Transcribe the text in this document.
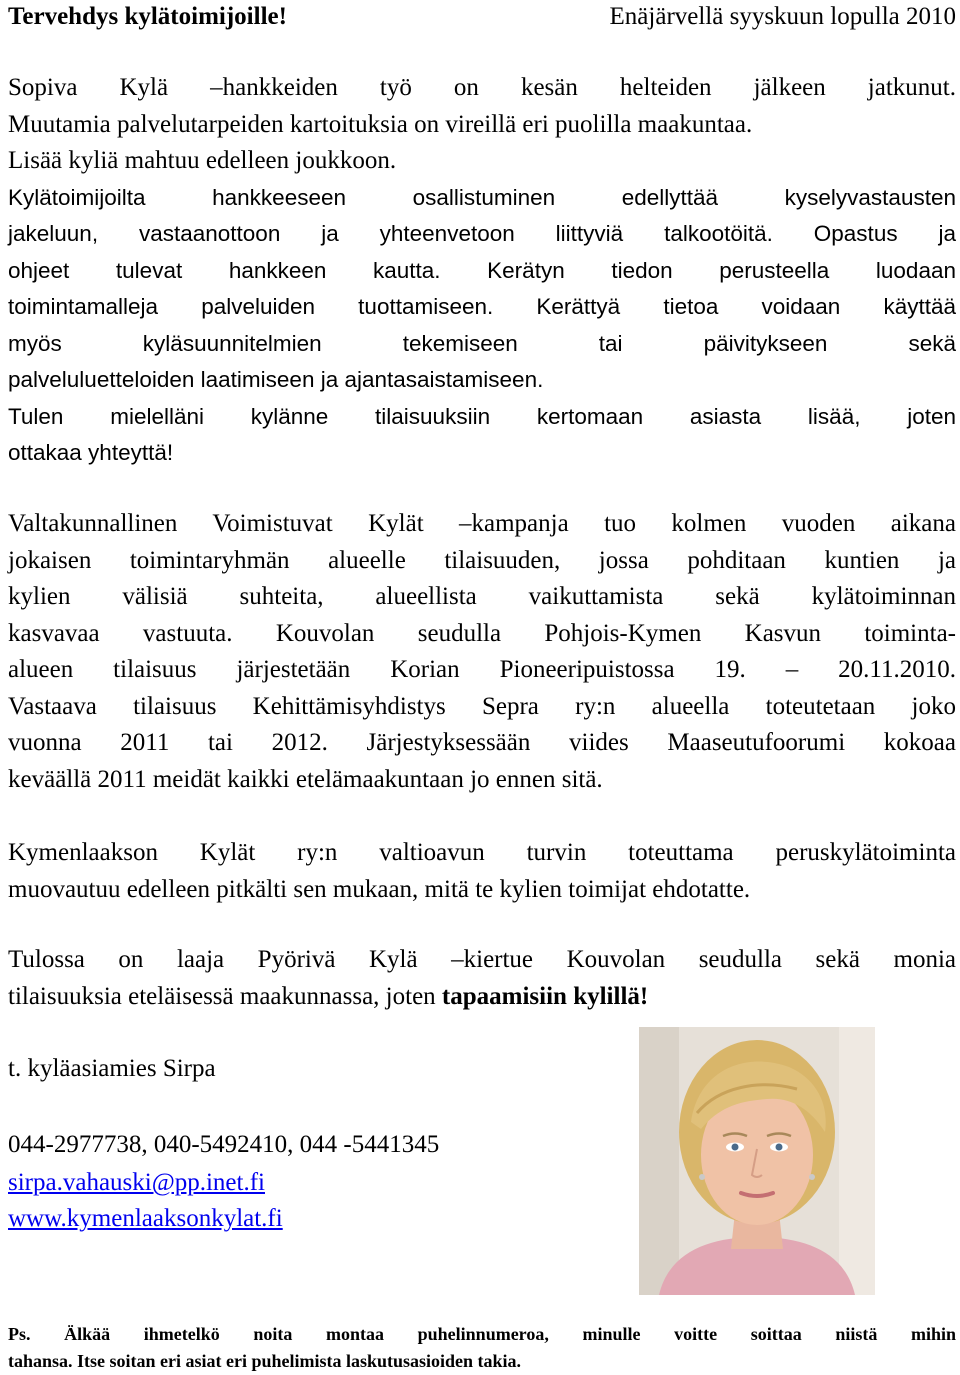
Tervehdys kylätoimijoille!	Enäjärvellä syyskuun lopulla 2010
Sopiva Kylä –hankkeiden työ on kesän helteiden jälkeen jatkunut.
Muutamia palvelutarpeiden kartoituksia on vireillä eri puolilla maakuntaa.
Lisää kyliä mahtuu edelleen joukkoon.
Kylätoimijoilta hankkeeseen osallistuminen edellyttää kyselyvastausten
jakeluun, vastaanottoon ja yhteenvetoon liittyviä talkootöitä. Opastus ja
ohjeet tulevat hankkeen kautta. Kerätyn tiedon perusteella luodaan
toimintamalleja palveluiden tuottamiseen. Kerättyä tietoa voidaan käyttää
myös kyläsuunnitelmien tekemiseen tai päivitykseen sekä
palveluluetteloiden laatimiseen ja ajantasaistamiseen.
Tulen mielelläni kylänne tilaisuuksiin kertomaan asiasta lisää, joten
ottakaa yhteyttä!
Valtakunnallinen Voimistuvat Kylät –kampanja tuo kolmen vuoden aikana
jokaisen toimintaryhmän alueelle tilaisuuden, jossa pohditaan kuntien ja
kylien välisiä suhteita, alueellista vaikuttamista sekä kylätoiminnan
kasvavaa vastuuta. Kouvolan seudulla Pohjois-Kymen Kasvun toiminta-
alueen tilaisuus järjestetään Korian Pioneeripuistossa 19. – 20.11.2010.
Vastaava tilaisuus Kehittämisyhdistys Sepra ry:n alueella toteutetaan joko
vuonna 2011 tai 2012. Järjestyksessään viides Maaseutufoorumi kokoaa
keväällä 2011 meidät kaikki etelämaakuntaan jo ennen sitä.
Kymenlaakson Kylät ry:n valtioavun turvin toteuttama peruskylätoiminta
muovautuu edelleen pitkälti sen mukaan, mitä te kylien toimijat ehdotatte.
Tulossa on laaja Pyörivä Kylä –kiertue Kouvolan seudulla sekä monia
tilaisuuksia eteläisessä maakunnassa, joten tapaamisiin kylillä!
t. kyläasiamies Sirpa
044-2977738, 040-5492410, 044 -5441345
sirpa.vahauski@pp.inet.fi
www.kymenlaaksonkylat.fi
Ps. Älkää ihmetelkö noita montaa puhelinnumeroa, minulle voitte soittaa niistä mihin
tahansa. Itse soitan eri asiat eri puhelimista laskutusasioiden takia.
